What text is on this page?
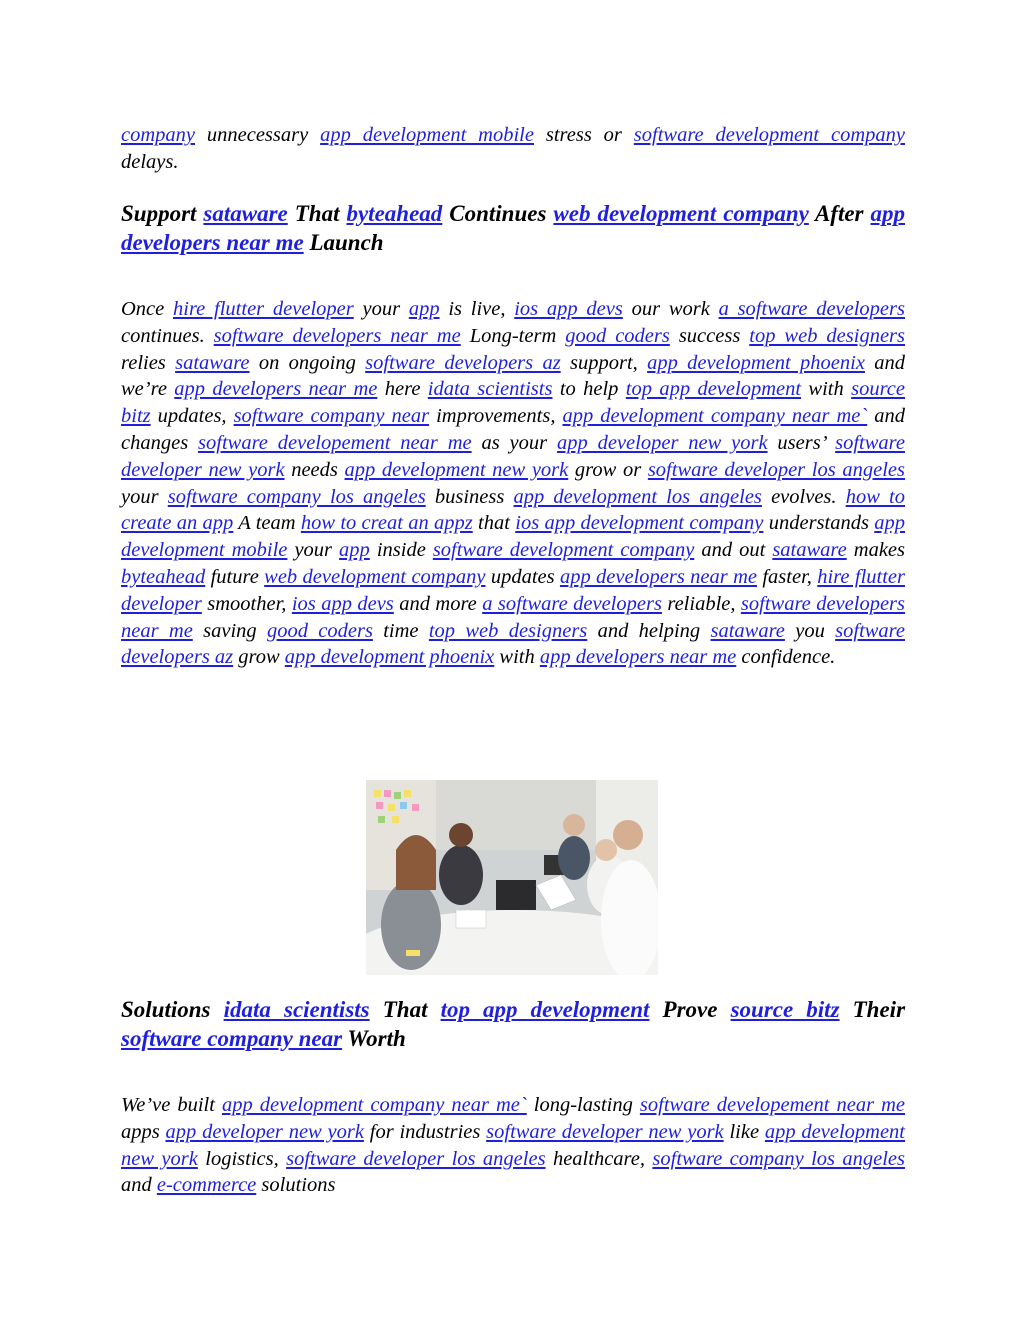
company unnecessary app development mobile stress or software development company delays.

Support sataware That byteahead Continues web development company After app developers near me Launch

Once hire flutter developer your app is live, ios app devs our work a software developers continues. software developers near me Long-term good coders success top web designers relies sataware on ongoing software developers az support, app development phoenix and we’re app developers near me here idata scientists to help top app development with source bitz updates, software company near improvements, app development company near me` and changes software developement near me as your app developer new york users’ software developer new york needs app development new york grow or software developer los angeles your software company los angeles business app development los angeles evolves. how to create an app A team how to creat an appz that ios app development company understands app development mobile your app inside software development company and out sataware makes byteahead future web development company updates app developers near me faster, hire flutter developer smoother, ios app devs and more a software developers reliable, software developers near me saving good coders time top web designers and helping sataware you software developers az grow app development phoenix with app developers near me confidence.

Solutions idata scientists That top app development Prove source bitz Their software company near Worth

We’ve built app development company near me` long-lasting software developement near me apps app developer new york for industries software developer new york like app development new york logistics, software developer los angeles healthcare, software company los angeles and e-commerce solutions
